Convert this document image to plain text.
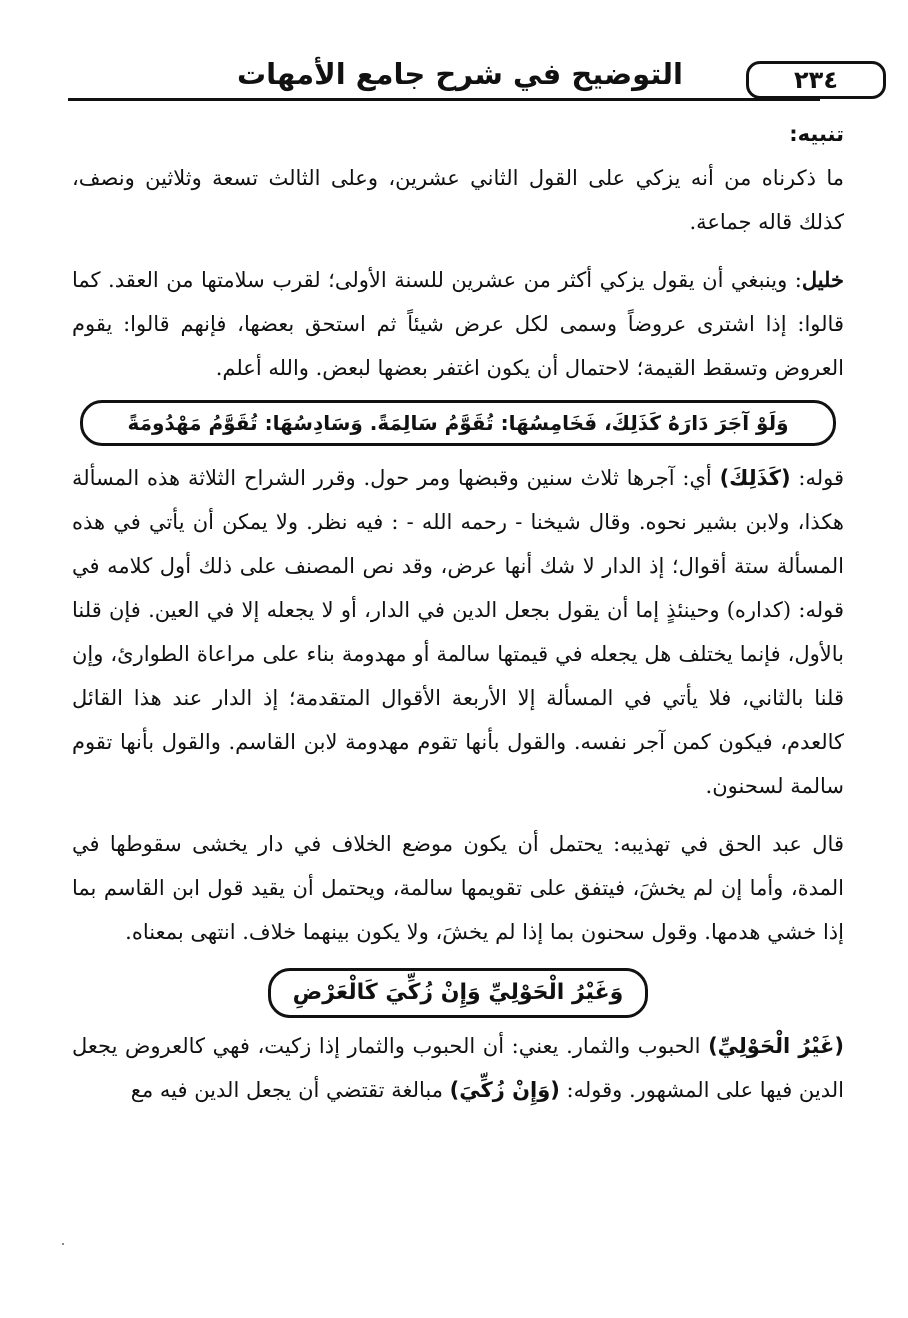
التوضيح في شرح جامع الأمهات	٢٣٤
تنبيه:

ما ذكرناه من أنه يزكي على القول الثاني عشرين، وعلى الثالث تسعة وثلاثين ونصف، كذلك قاله جماعة.

خليل: وينبغي أن يقول يزكي أكثر من عشرين للسنة الأولى؛ لقرب سلامتها من العقد. كما قالوا: إذا اشترى عروضاً وسمى لكل عرض شيئاً ثم استحق بعضها، فإنهم قالوا: يقوم العروض وتسقط القيمة؛ لاحتمال أن يكون اغتفر بعضها لبعض. والله أعلم.

وَلَوْ آجَرَ دَارَهُ كَذَلِكَ، فَخَامِسُهَا: تُقَوَّمُ سَالِمَةً. وَسَادِسُهَا: تُقَوَّمُ مَهْدُومَةً

قوله: (كَذَلِكَ) أي: آجرها ثلاث سنين وقبضها ومر حول. وقرر الشراح الثلاثة هذه المسألة هكذا، ولابن بشير نحوه. وقال شيخنا - رحمه الله - : فيه نظر. ولا يمكن أن يأتي في هذه المسألة ستة أقوال؛ إذ الدار لا شك أنها عرض، وقد نص المصنف على ذلك أول كلامه في قوله: (كداره) وحينئذٍ إما أن يقول بجعل الدين في الدار، أو لا يجعله إلا في العين. فإن قلنا بالأول، فإنما يختلف هل يجعله في قيمتها سالمة أو مهدومة بناء على مراعاة الطوارئ، وإن قلنا بالثاني، فلا يأتي في المسألة إلا الأربعة الأقوال المتقدمة؛ إذ الدار عند هذا القائل كالعدم، فيكون كمن آجر نفسه. والقول بأنها تقوم مهدومة لابن القاسم. والقول بأنها تقوم سالمة لسحنون.

قال عبد الحق في تهذيبه: يحتمل أن يكون موضع الخلاف في دار يخشى سقوطها في المدة، وأما إن لم يخشَ، فيتفق على تقويمها سالمة، ويحتمل أن يقيد قول ابن القاسم بما إذا خشي هدمها. وقول سحنون بما إذا لم يخشَ، ولا يكون بينهما خلاف. انتهى بمعناه.

وَغَيْرُ الْحَوْلِيِّ وَإِنْ زُكِّيَ كَالْعَرْضِ

(غَيْرُ الْحَوْلِيِّ) الحبوب والثمار. يعني: أن الحبوب والثمار إذا زكيت، فهي كالعروض يجعل الدين فيها على المشهور. وقوله: (وَإِنْ زُكِّيَ) مبالغة تقتضي أن يجعل الدين فيه مع
